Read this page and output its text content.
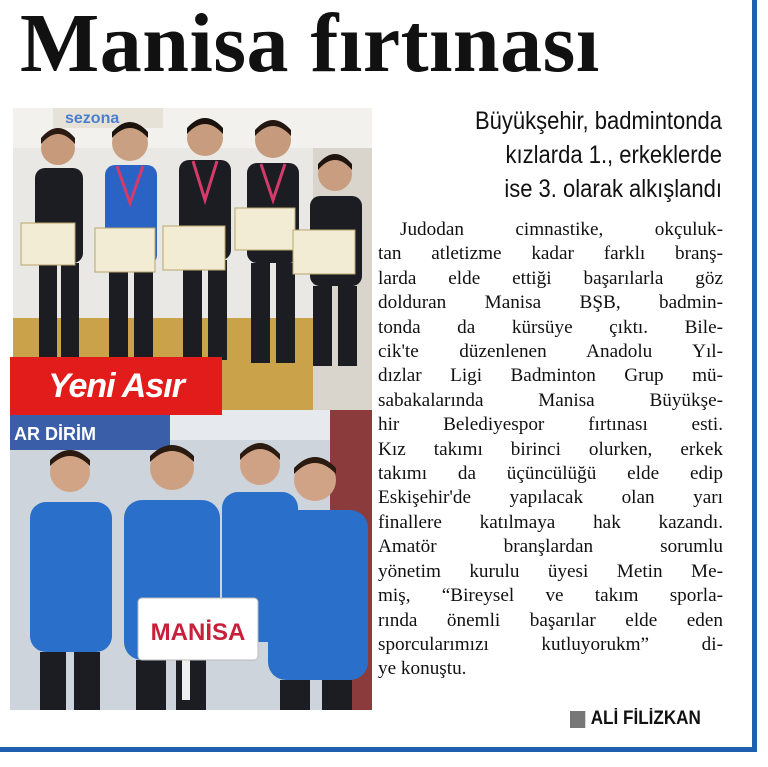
Manisa fırtınası
sezona
AR DİRİM
MANİSA
Yeni Asır
Büyükşehir, badmintonda
kızlarda 1., erkeklerde
ise 3. olarak alkışlandı
Judodan cimnastike, okçuluk-
tan atletizme kadar farklı branş-
larda elde ettiği başarılarla göz
dolduran Manisa BŞB, badmin-
tonda da kürsüye çıktı. Bile-
cik'te düzenlenen Anadolu Yıl-
dızlar Ligi Badminton Grup mü-
sabakalarında Manisa Büyükşe-
hir Belediyespor fırtınası esti.
Kız takımı birinci olurken, erkek
takımı da üçüncülüğü elde edip
Eskişehir'de yapılacak olan yarı
finallere katılmaya hak kazandı.
Amatör branşlardan sorumlu
yönetim kurulu üyesi Metin Me-
miş, “Bireysel ve takım sporla-
rında önemli başarılar elde eden
sporcularımızı kutluyorukm” di-
ye konuştu.
ALİ FİLİZKAN
